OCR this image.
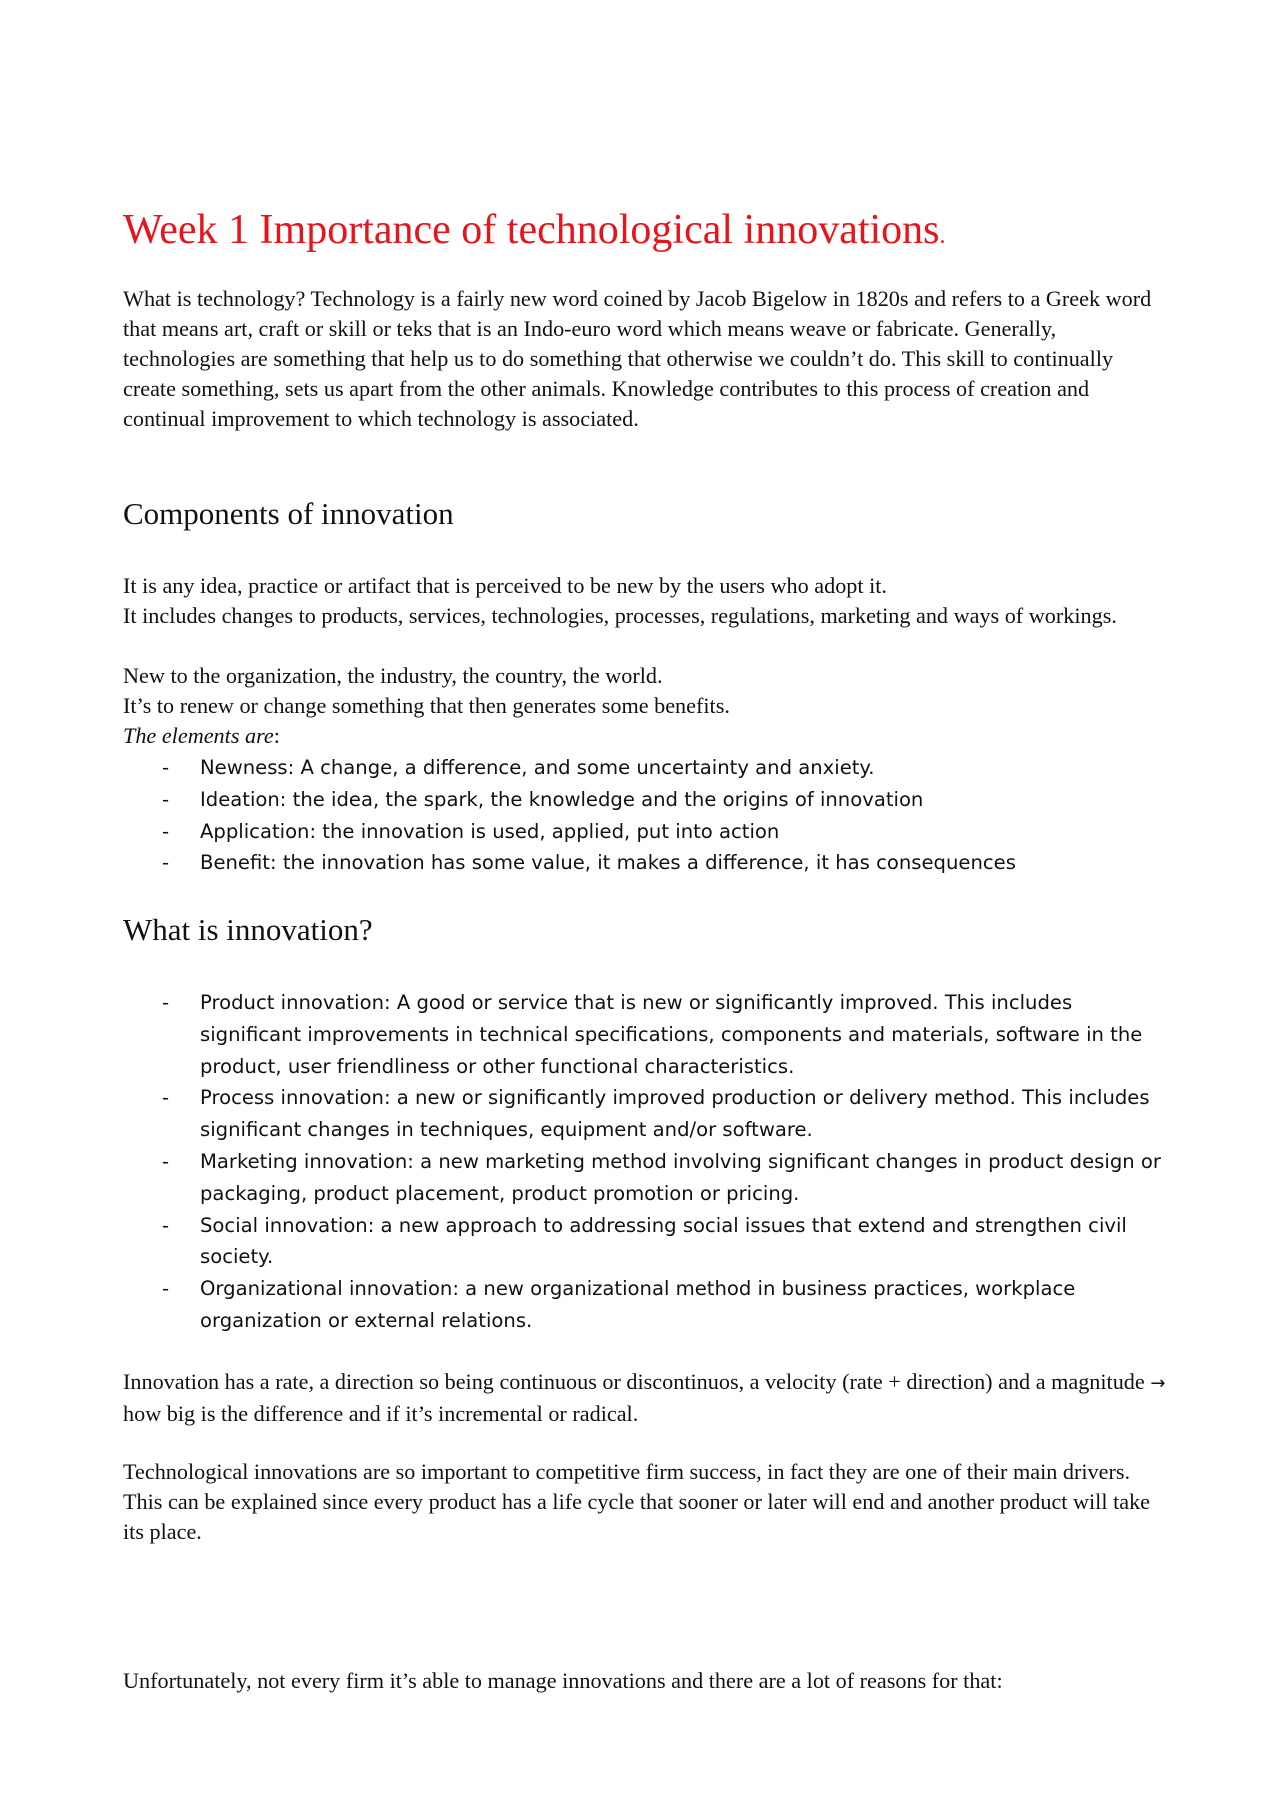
Week 1 Importance of technological innovations.

What is technology? Technology is a fairly new word coined by Jacob Bigelow in 1820s and refers to a Greek word that means art, craft or skill or teks that is an Indo-euro word which means weave or fabricate. Generally, technologies are something that help us to do something that otherwise we couldn’t do. This skill to continually create something, sets us apart from the other animals. Knowledge contributes to this process of creation and continual improvement to which technology is associated.

Components of innovation

It is any idea, practice or artifact that is perceived to be new by the users who adopt it.

It includes changes to products, services, technologies, processes, regulations, marketing and ways of workings.

New to the organization, the industry, the country, the world.

It’s to renew or change something that then generates some benefits.

The elements are:

- Newness: A change, a difference, and some uncertainty and anxiety.
- Ideation: the idea, the spark, the knowledge and the origins of innovation
- Application: the innovation is used, applied, put into action
- Benefit: the innovation has some value, it makes a difference, it has consequences
What is innovation?
- Product innovation: A good or service that is new or significantly improved. This includes significant improvements in technical specifications, components and materials, software in the product, user friendliness or other functional characteristics.
- Process innovation: a new or significantly improved production or delivery method. This includes significant changes in techniques, equipment and/or software.
- Marketing innovation: a new marketing method involving significant changes in product design or packaging, product placement, product promotion or pricing.
- Social innovation: a new approach to addressing social issues that extend and strengthen civil society.
- Organizational innovation: a new organizational method in business practices, workplace organization or external relations.

Innovation has a rate, a direction so being continuous or discontinuos, a velocity (rate + direction) and a magnitude → how big is the difference and if it’s incremental or radical.

Technological innovations are so important to competitive firm success, in fact they are one of their main drivers. This can be explained since every product has a life cycle that sooner or later will end and another product will take its place.

Unfortunately, not every firm it’s able to manage innovations and there are a lot of reasons for that:
